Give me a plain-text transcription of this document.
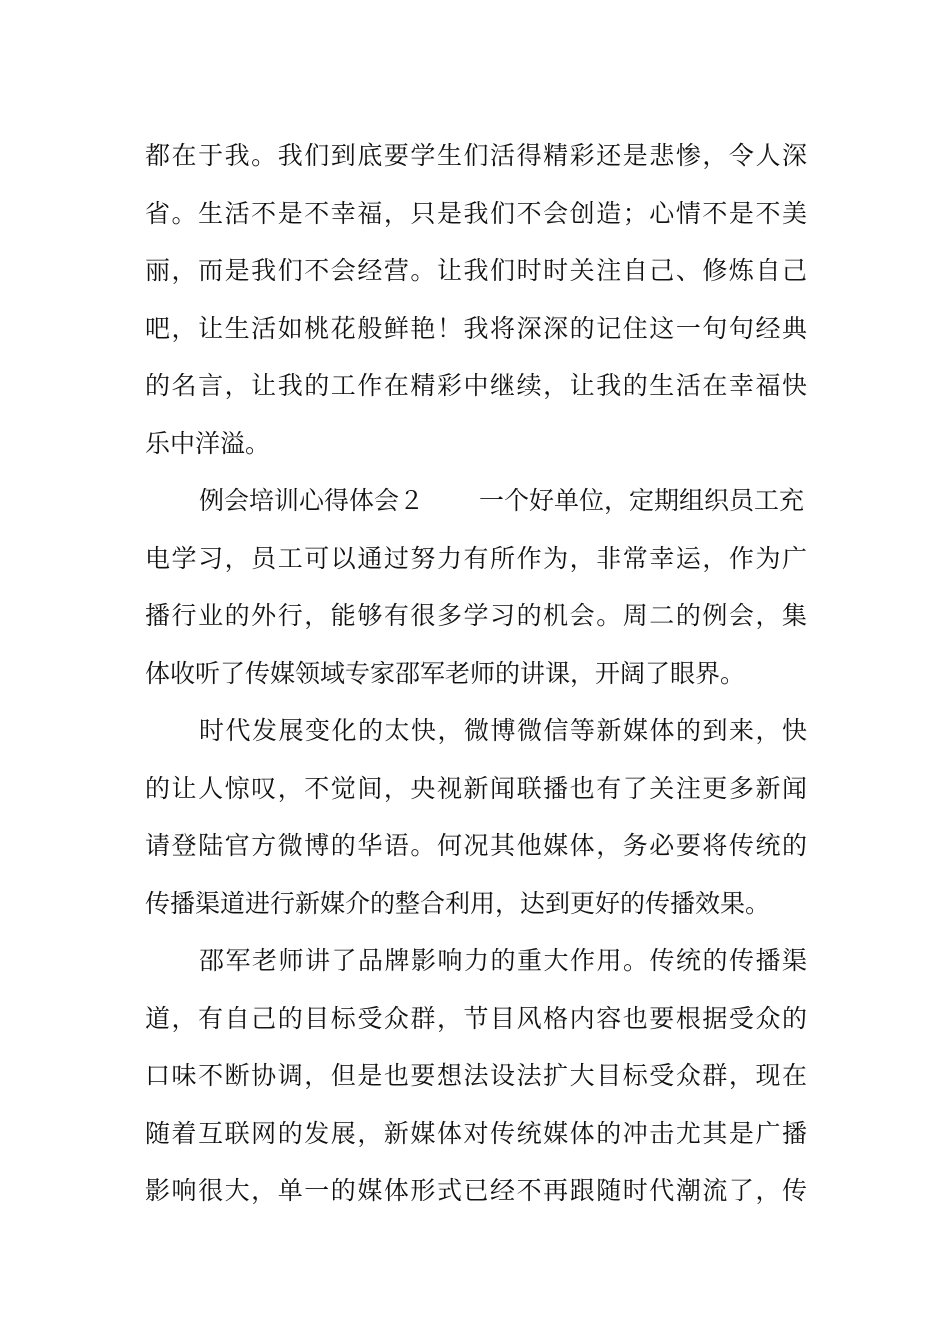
都在于我。我们到底要学生们活得精彩还是悲惨，令人深
省。生活不是不幸福，只是我们不会创造；心情不是不美
丽，而是我们不会经营。让我们时时关注自己、修炼自己
吧，让生活如桃花般鲜艳！我将深深的记住这一句句经典
的名言，让我的工作在精彩中继续，让我的生活在幸福快
乐中洋溢。
例会培训心得体会２ 一个好单位，定期组织员工充
电学习，员工可以通过努力有所作为，非常幸运，作为广
播行业的外行，能够有很多学习的机会。周二的例会，集
体收听了传媒领域专家邵军老师的讲课，开阔了眼界。
时代发展变化的太快，微博微信等新媒体的到来，快
的让人惊叹，不觉间，央视新闻联播也有了关注更多新闻
请登陆官方微博的华语。何况其他媒体，务必要将传统的
传播渠道进行新媒介的整合利用，达到更好的传播效果。
邵军老师讲了品牌影响力的重大作用。传统的传播渠
道，有自己的目标受众群，节目风格内容也要根据受众的
口味不断协调，但是也要想法设法扩大目标受众群，现在
随着互联网的发展，新媒体对传统媒体的冲击尤其是广播
影响很大，单一的媒体形式已经不再跟随时代潮流了，传
